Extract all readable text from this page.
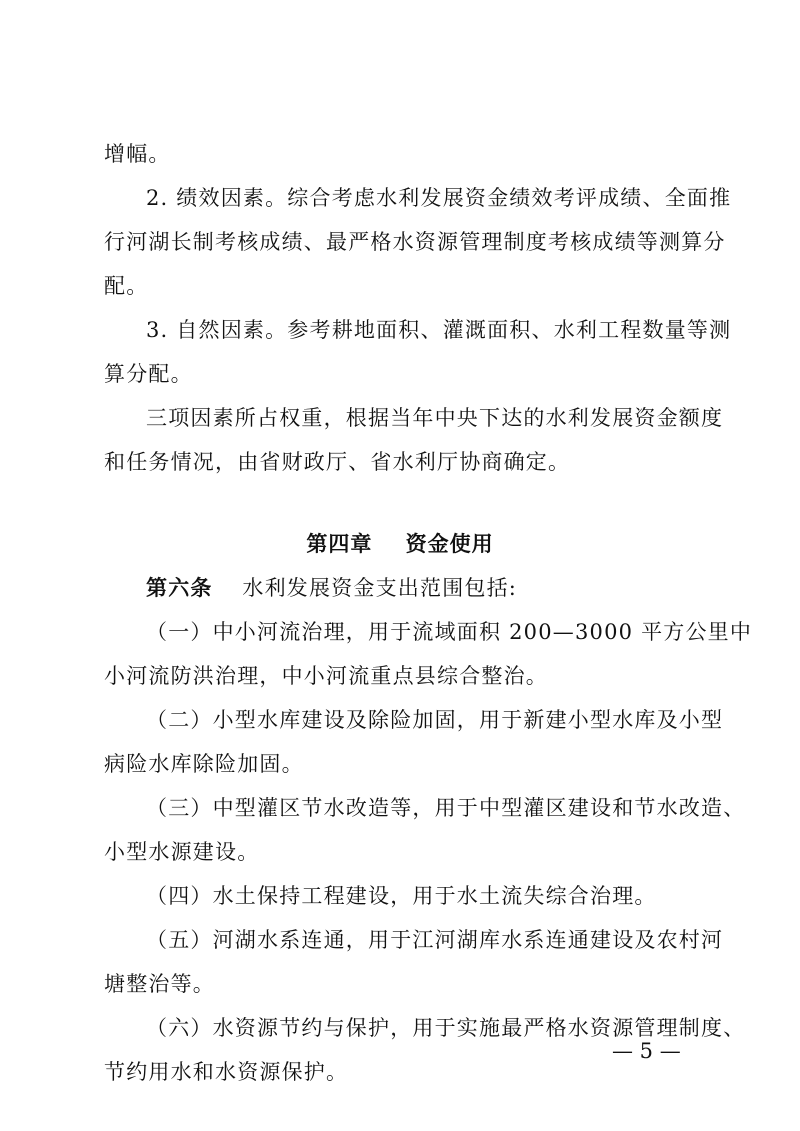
增幅。
2. 绩效因素。综合考虑水利发展资金绩效考评成绩、全面推
行河湖长制考核成绩、最严格水资源管理制度考核成绩等测算分
配。
3. 自然因素。参考耕地面积、灌溉面积、水利工程数量等测
算分配。
三项因素所占权重，根据当年中央下达的水利发展资金额度
和任务情况，由省财政厅、省水利厅协商确定。
第四章    资金使用
第六条 水利发展资金支出范围包括:
（一）中小河流治理，用于流域面积 200—3000 平方公里中
小河流防洪治理，中小河流重点县综合整治。
（二）小型水库建设及除险加固，用于新建小型水库及小型
病险水库除险加固。
（三）中型灌区节水改造等，用于中型灌区建设和节水改造、
小型水源建设。
（四）水土保持工程建设，用于水土流失综合治理。
（五）河湖水系连通，用于江河湖库水系连通建设及农村河
塘整治等。
（六）水资源节约与保护，用于实施最严格水资源管理制度、
节约用水和水资源保护。
— 5 —
